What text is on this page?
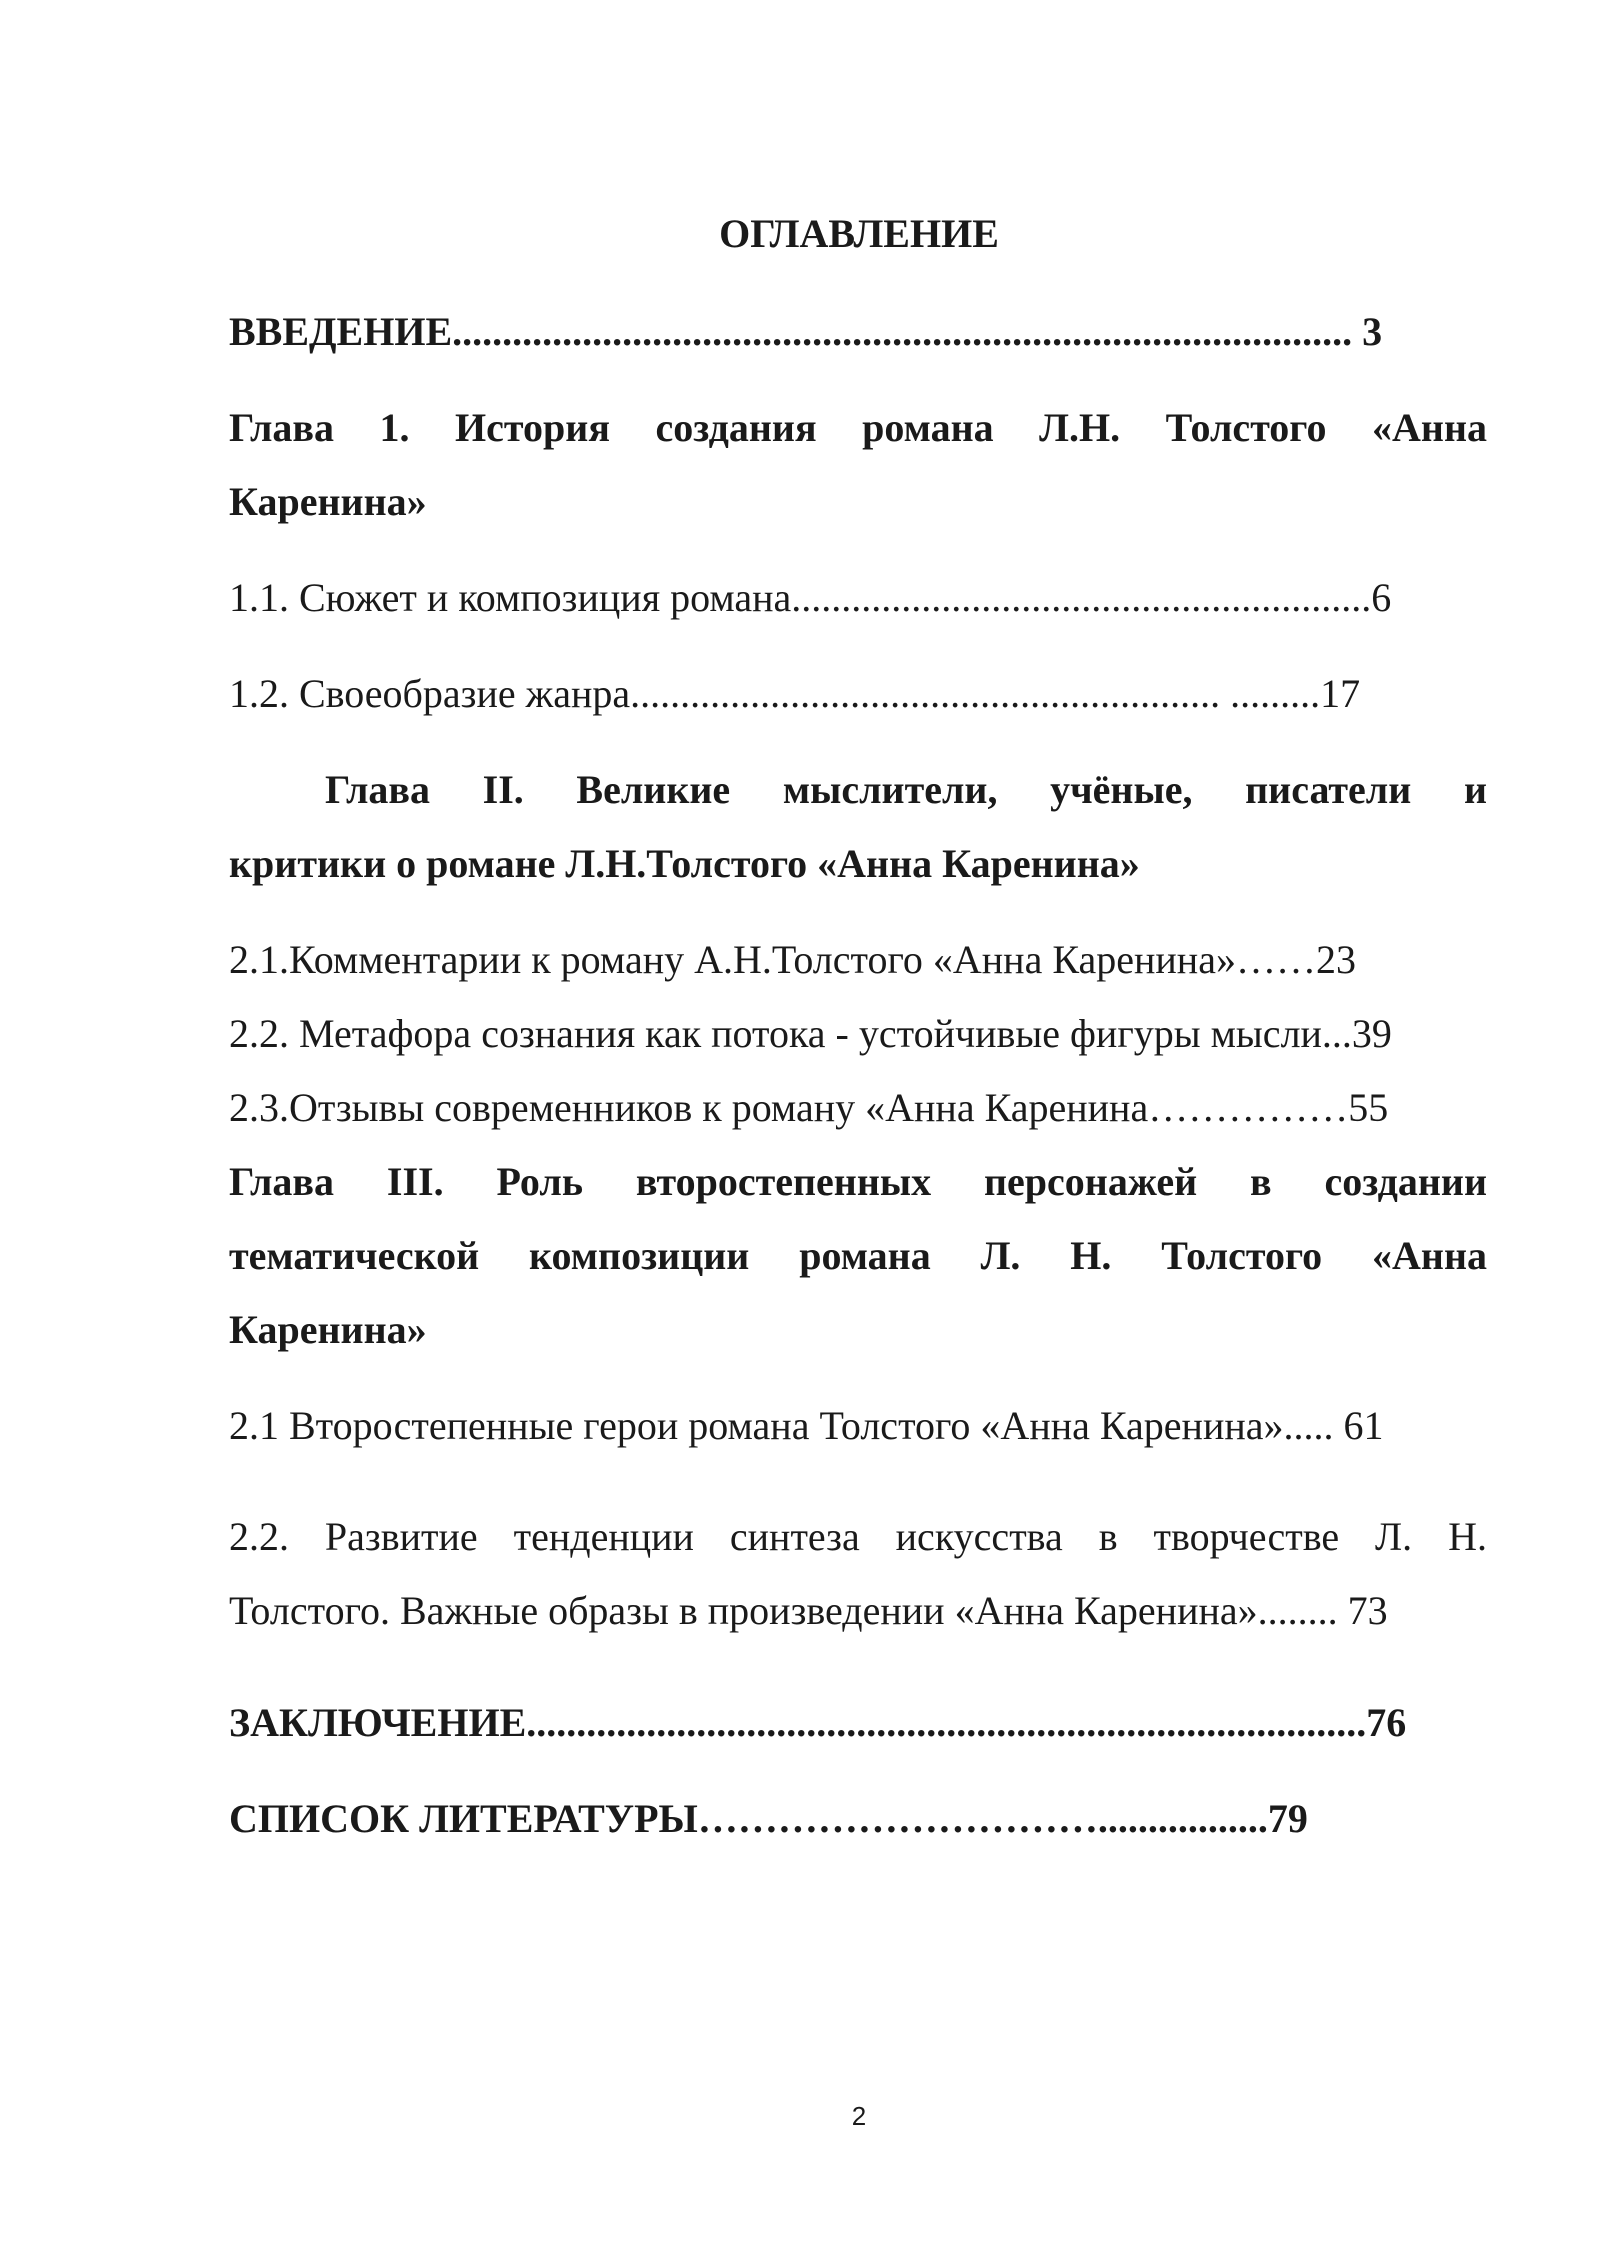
ОГЛАВЛЕНИЕ
ВВЕДЕНИЕ.......................................................................................... 3
Глава 1. История создания романа Л.Н. Толстого «Анна
Каренина»
1.1. Сюжет и композиция романа..........................................................6
1.2. Своеобразие жанра........................................................... .........17
Глава II. Великие мыслители, учёные, писатели и
критики о романе Л.Н.Толстого «Анна Каренина»
2.1.Комментарии к роману А.Н.Толстого «Анна Каренина»……23
2.2. Метафора сознания как потока - устойчивые фигуры мысли...39
2.3.Отзывы современников к роману «Анна Каренина……………55
Глава III. Роль второстепенных персонажей в создании
тематической композиции романа Л. Н. Толстого «Анна
Каренина»
2.1 Второстепенные герои романа Толстого «Анна Каренина»..... 61
2.2. Развитие тенденции синтеза искусства в творчестве Л. Н.
Толстого. Важные образы в произведении «Анна Каренина»........ 73
ЗАКЛЮЧЕНИЕ....................................................................................76
СПИСОК ЛИТЕРАТУРЫ………………………….................79
2
